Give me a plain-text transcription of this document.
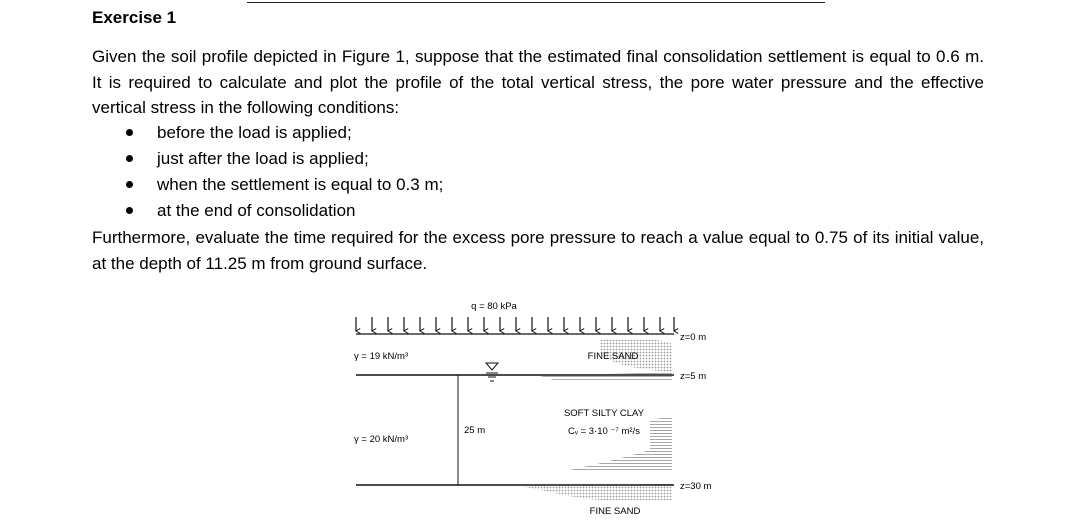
Exercise 1

Given the soil profile depicted in Figure 1, suppose that the estimated final consolidation settlement is equal to 0.6 m. It is required to calculate and plot the profile of the total vertical stress, the pore water pressure and the effective vertical stress in the following conditions:

before the load is applied;
just after the load is applied;
when the settlement is equal to 0.3 m;
at the end of consolidation

Furthermore, evaluate the time required for the excess pore pressure to reach a value equal to 0.75 of its initial value, at the depth of 11.25 m from ground surface.

q = 80 kPa
25 m
γ = 19 kN/m³
γ = 20 kN/m³
FINE SAND
SOFT SILTY CLAY
Cᵥ = 3·10 ⁻⁷ m²/s
FINE SAND
z=0 m
z=5 m
z=30 m
